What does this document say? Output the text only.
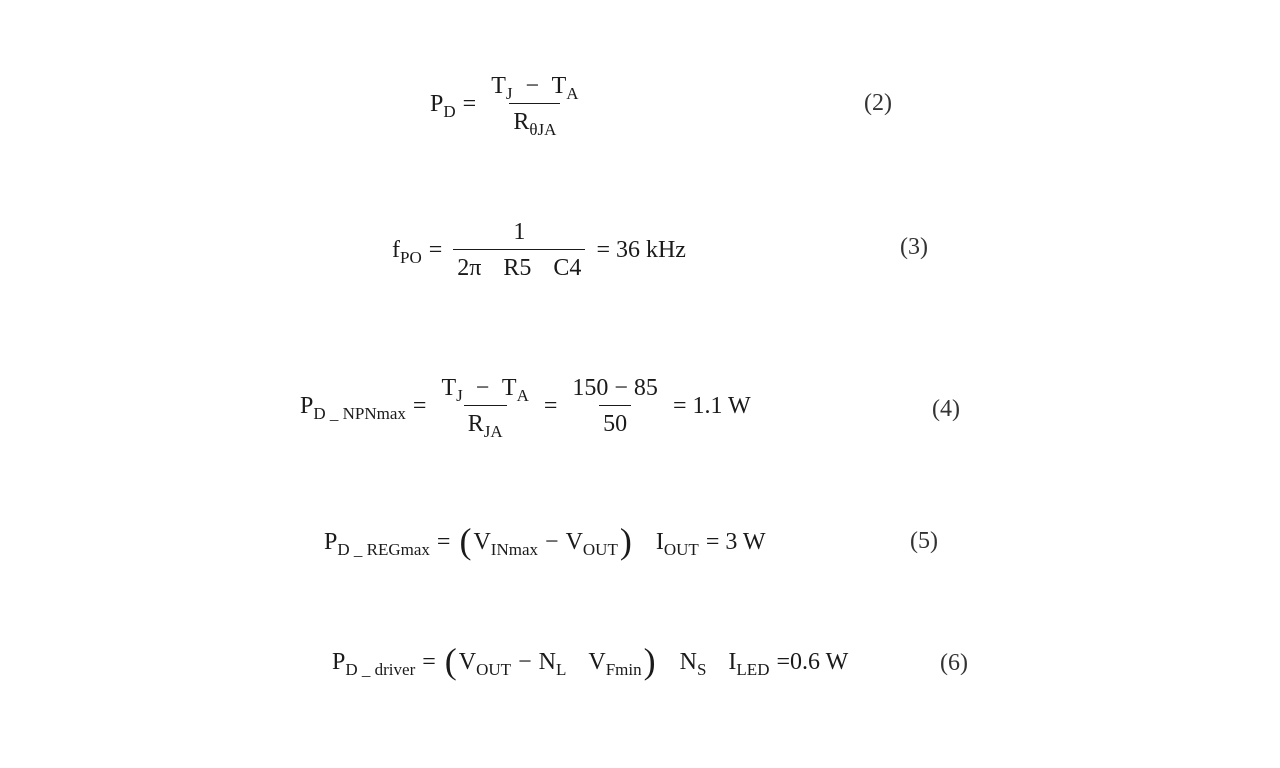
$P_D = \frac{T_J - T_A}{R_{\theta JA}}$	(2)
$f_{PO} = \frac{1}{\text{2π R5 C4}} = 36$ kHz	(3)
$P_{D \_ NPNmax} = \frac{T_J - T_A}{R_{JA}} = \frac{150 - 85}{50} = 1.1$ W	(4)
$P_{D \_ REGmax}$ = ( $V_{INmax} - V_{OUT}$ ) $I_{OUT} = 3$ W	(5)
$P_{D \_ driver}$ = ( $V_{OUT} - N_L$ $V_{Fmin}$ ) $N_S$ $I_{LED} =0.6$ W	(6)
